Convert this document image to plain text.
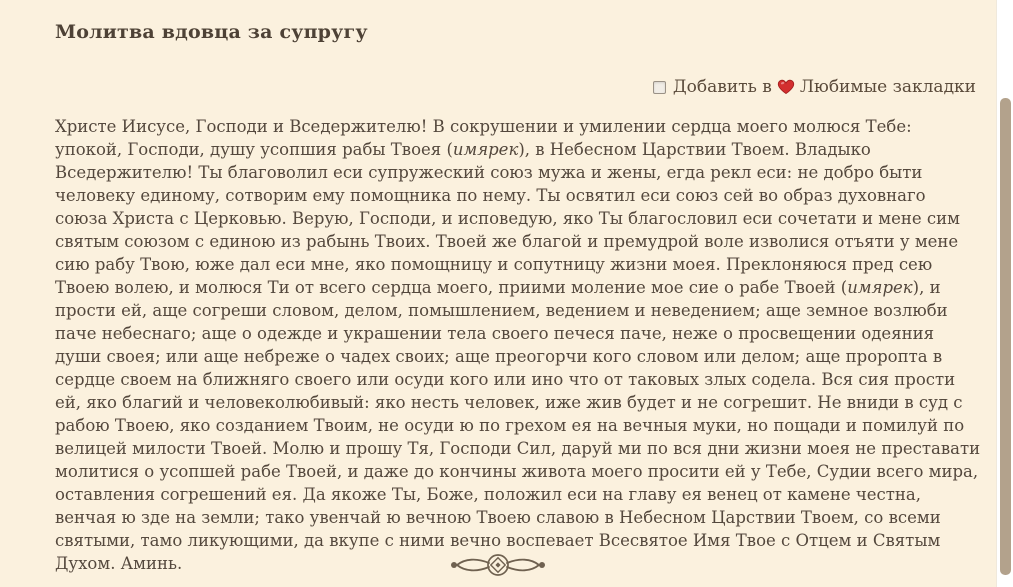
Молитва вдовца за супругу
Добавить в Любимые закладки

Христе Иисусе, Господи и Вседержителю! В сокрушении и умилении сердца моего молюся Тебе: упокой, Господи, душу усопшия рабы Твоея (имярек), в Небесном Царствии Твоем. Владыко Вседержителю! Ты благоволил еси супружеский союз мужа и жены, егда рекл еси: не добро быти человеку единому, сотворим ему помощника по нему. Ты освятил еси союз сей во образ духовнаго союза Христа с Церковью. Верую, Господи, и исповедую, яко Ты благословил еси сочетати и мене сим святым союзом с единою из рабынь Твоих. Твоей же благой и премудрой воле изволися отъяти у мене сию рабу Твою, юже дал еси мне, яко помощницу и сопутницу жизни моея. Преклоняюся пред сею Твоею волею, и молюся Ти от всего сердца моего, приими моление мое сие о рабе Твоей (имярек), и прости ей, аще согреши словом, делом, помышлением, ведением и неведением; аще земное возлюби паче небеснаго; аще о одежде и украшении тела своего печеся паче, неже о просвещении одеяния души своея; или аще небреже о чадех своих; аще преогорчи кого словом или делом; аще проропта в сердце своем на ближняго своего или осуди кого или ино что от таковых злых содела. Вся сия прости ей, яко благий и человеколюбивый: яко несть человек, иже жив будет и не согрешит. Не вниди в суд с рабою Твоею, яко созданием Твоим, не осуди ю по грехом ея на вечныя муки, но пощади и помилуй по велицей милости Твоей. Молю и прошу Тя, Господи Сил, даруй ми по вся дни жизни моея не преставати молитися о усопшей рабе Твоей, и даже до кончины живота моего просити ей у Тебе, Судии всего мира, оставления согрешений ея. Да якоже Ты, Боже, положил еси на главу ея венец от камене честна, венчая ю зде на земли; тако увенчай ю вечною Твоею славою в Небесном Царствии Твоем, со всеми святыми, тамо ликующими, да вкупе с ними вечно воспевает Всесвятое Имя Твое с Отцем и Святым Духом. Аминь.
